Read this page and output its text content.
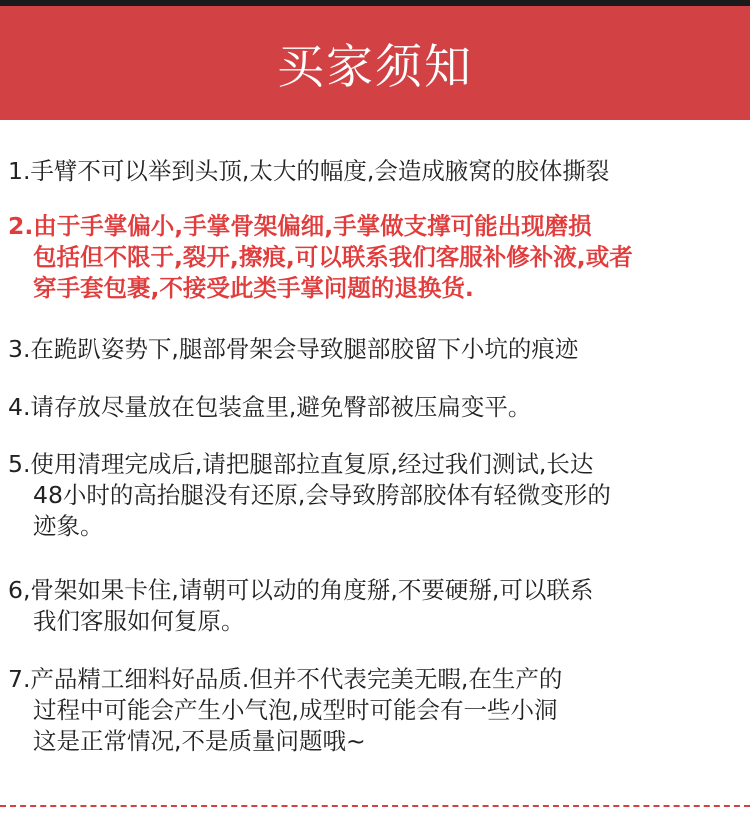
买家须知
1.手臂不可以举到头顶,太大的幅度,会造成腋窝的胶体撕裂
2.由于手掌偏小,手掌骨架偏细,手掌做支撑可能出现磨损
包括但不限于,裂开,擦痕,可以联系我们客服补修补液,或者
穿手套包裹,不接受此类手掌问题的退换货.
3.在跪趴姿势下,腿部骨架会导致腿部胶留下小坑的痕迹
4.请存放尽量放在包装盒里,避免臀部被压扁变平。
5.使用清理完成后,请把腿部拉直复原,经过我们测试,长达
48小时的高抬腿没有还原,会导致胯部胶体有轻微变形的
迹象。
6,骨架如果卡住,请朝可以动的角度掰,不要硬掰,可以联系
我们客服如何复原。
7.产品精工细料好品质.但并不代表完美无暇,在生产的
过程中可能会产生小气泡,成型时可能会有一些小洞
这是正常情况,不是质量问题哦~
